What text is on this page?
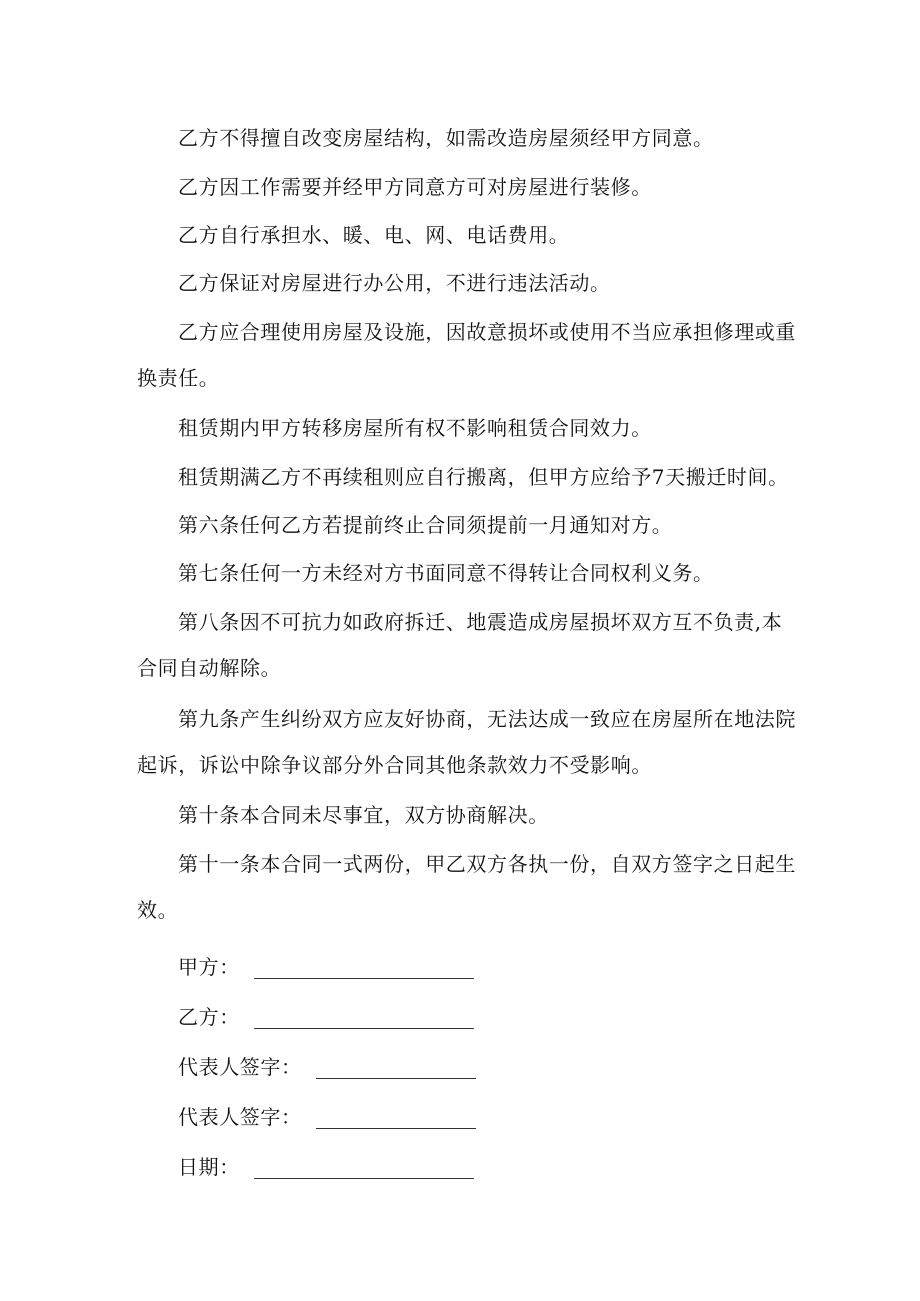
乙方不得擅自改变房屋结构，如需改造房屋须经甲方同意。

乙方因工作需要并经甲方同意方可对房屋进行装修。

乙方自行承担水、暖、电、网、电话费用。

乙方保证对房屋进行办公用，不进行违法活动。

乙方应合理使用房屋及设施，因故意损坏或使用不当应承担修理或重换责任。

租赁期内甲方转移房屋所有权不影响租赁合同效力。

租赁期满乙方不再续租则应自行搬离，但甲方应给予7天搬迁时间。

第六条任何乙方若提前终止合同须提前一月通知对方。

第七条任何一方未经对方书面同意不得转让合同权利义务。

第八条因不可抗力如政府拆迁、地震造成房屋损坏双方互不负责,本合同自动解除。

第九条产生纠纷双方应友好协商，无法达成一致应在房屋所在地法院起诉，诉讼中除争议部分外合同其他条款效力不受影响。

第十条本合同未尽事宜，双方协商解决。

第十一条本合同一式两份，甲乙双方各执一份，自双方签字之日起生效。

甲方：
乙方：
代表人签字：
代表人签字：
日期：
